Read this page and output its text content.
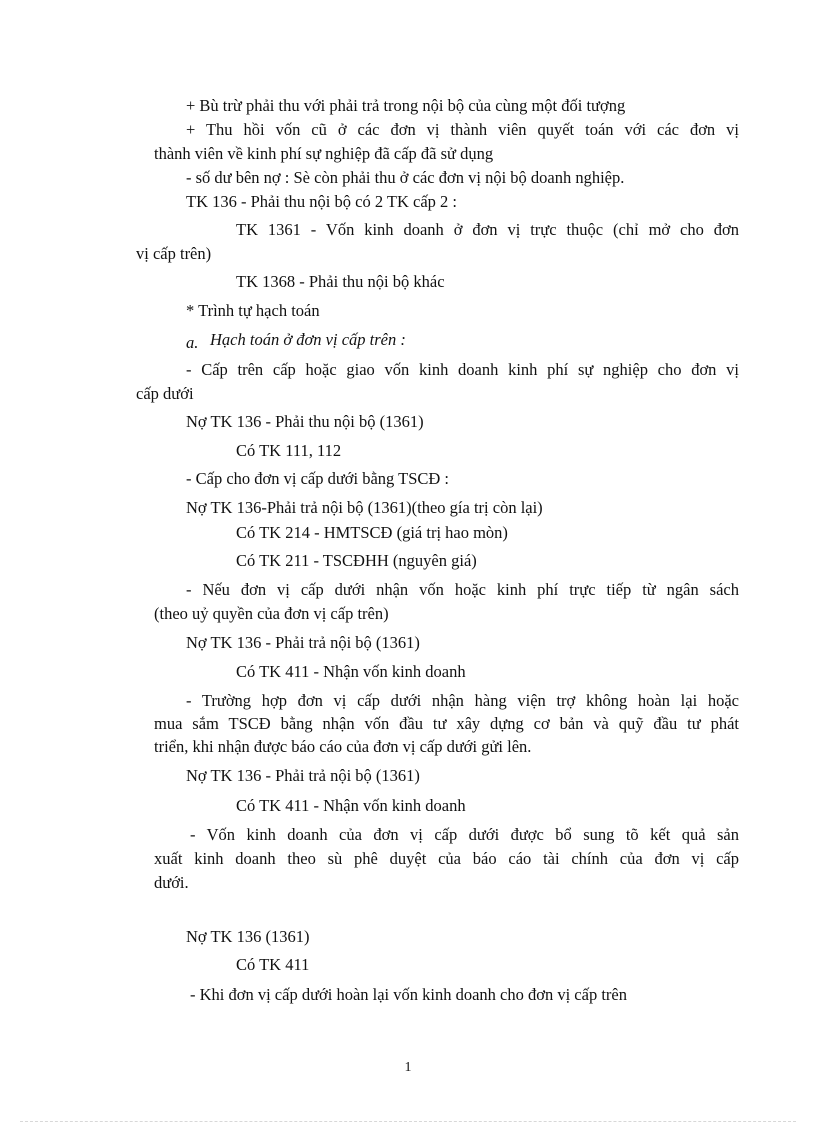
+ Bù trừ phải thu với phải trả trong nội bộ của cùng một đối tượng
+ Thu hồi vốn cũ ở các đơn vị thành viên quyết toán với các đơn vị
thành viên về kinh phí sự nghiệp đã cấp đã sử dụng
- số dư bên nợ : Sè còn phải thu ở các đơn vị nội bộ doanh nghiệp.
TK 136 - Phải thu nội bộ có 2 TK cấp 2 :
TK 1361 - Vốn kinh doanh ở đơn vị trực thuộc (chỉ mở cho đơn
vị cấp trên)
TK 1368 - Phải thu nội bộ khác
* Trình tự hạch toán
a. Hạch toán ở đơn vị cấp trên :
- Cấp trên cấp hoặc giao vốn kinh doanh kinh phí sự nghiệp cho đơn vị
cấp dưới
Nợ TK 136 - Phải thu nội bộ (1361)
Có TK 111, 112
- Cấp cho đơn vị cấp dưới bằng TSCĐ :
Nợ TK 136-Phải trả nội bộ (1361)(theo gía trị còn lại)
Có TK 214 - HMTSCĐ (giá trị hao mòn)
Có TK 211 - TSCĐHH (nguyên giá)
- Nếu đơn vị cấp dưới nhận vốn hoặc kinh phí trực tiếp từ ngân sách
(theo uỷ quyền của đơn vị cấp trên)
Nợ TK 136 - Phải trả nội bộ (1361)
Có TK 411 - Nhận vốn kinh doanh
- Trường hợp đơn vị cấp dưới nhận hàng viện trợ không hoàn lại hoặc
mua sắm TSCĐ bằng nhận vốn đầu tư xây dựng cơ bản và quỹ đầu tư phát
triển, khi nhận được báo cáo của đơn vị cấp dưới gửi lên.
Nợ TK 136 - Phải trả nội bộ (1361)
Có TK 411 - Nhận vốn kinh doanh
- Vốn kinh doanh của đơn vị cấp dưới được bổ sung tõ kết quả sản
xuất kinh doanh theo sù phê duyệt của báo cáo tài chính của đơn vị cấp
dưới.
Nợ TK 136 (1361)
Có TK 411
- Khi đơn vị cấp dưới hoàn lại vốn kinh doanh cho đơn vị cấp trên
1
